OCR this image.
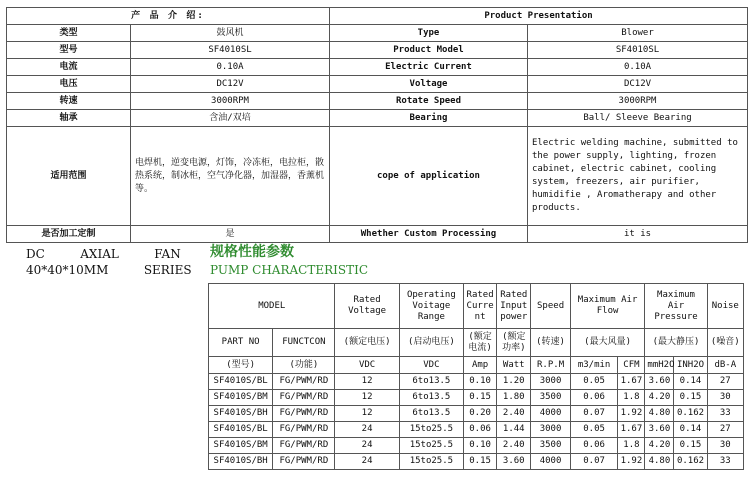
产 品 介 绍:		Product Presentation	
类型	鼓风机	Type	Blower
型号	SF4010SL	Product Model	SF4010SL
电流	0.10A	Electric Current	0.10A
电压	DC12V	Voltage	DC12V
转速	3000RPM	Rotate Speed	3000RPM
轴承	含油/双培	Bearing	Ball/ Sleeve Bearing
适用范围	电焊机，逆变电源，灯饰，冷冻柜，电拉柜，散热系统，制冰柜，空气净化器，加湿器，香薰机等。	cope of application	Electric welding machine, submitted to the power supply, lighting, frozen cabinet, electric cabinet, cooling system, freezers, air purifier, humidifie , Aromatherapy and other products.
是否加工定制	是	Whether Custom Processing	it is
DC   AXIAL   FAN
40*40*10MM   SERIES
规格性能参数
PUMP CHARACTERISTIC
MODEL		Rated Voltage	Operating Voitage Range	Rated Curre nt	Rated Input power	Speed	Maximum Air Flow		Maximum Air Pressure		Noise
PART NO	FUNCTCON	(额定电压)	(启动电压)	(额定电流)	(额定功率)	(转速)	(最大风量)		(最大静压)		(噪音)
(型号)	(功能)	VDC	VDC	Amp	Watt	R.P.M	m3/min	CFM	mmH2O	INH2O	dB-A
SF4010S/BL	FG/PWM/RD	12	6to13.5	0.10	1.20	3000	0.05	1.67	3.60	0.14	27
SF4010S/BM	FG/PWM/RD	12	6to13.5	0.15	1.80	3500	0.06	1.8	4.20	0.15	30
SF4010S/BH	FG/PWM/RD	12	6to13.5	0.20	2.40	4000	0.07	1.92	4.80	0.162	33
SF4010S/BL	FG/PWM/RD	24	15to25.5	0.06	1.44	3000	0.05	1.67	3.60	0.14	27
SF4010S/BM	FG/PWM/RD	24	15to25.5	0.10	2.40	3500	0.06	1.8	4.20	0.15	30
SF4010S/BH	FG/PWM/RD	24	15to25.5	0.15	3.60	4000	0.07	1.92	4.80	0.162	33
